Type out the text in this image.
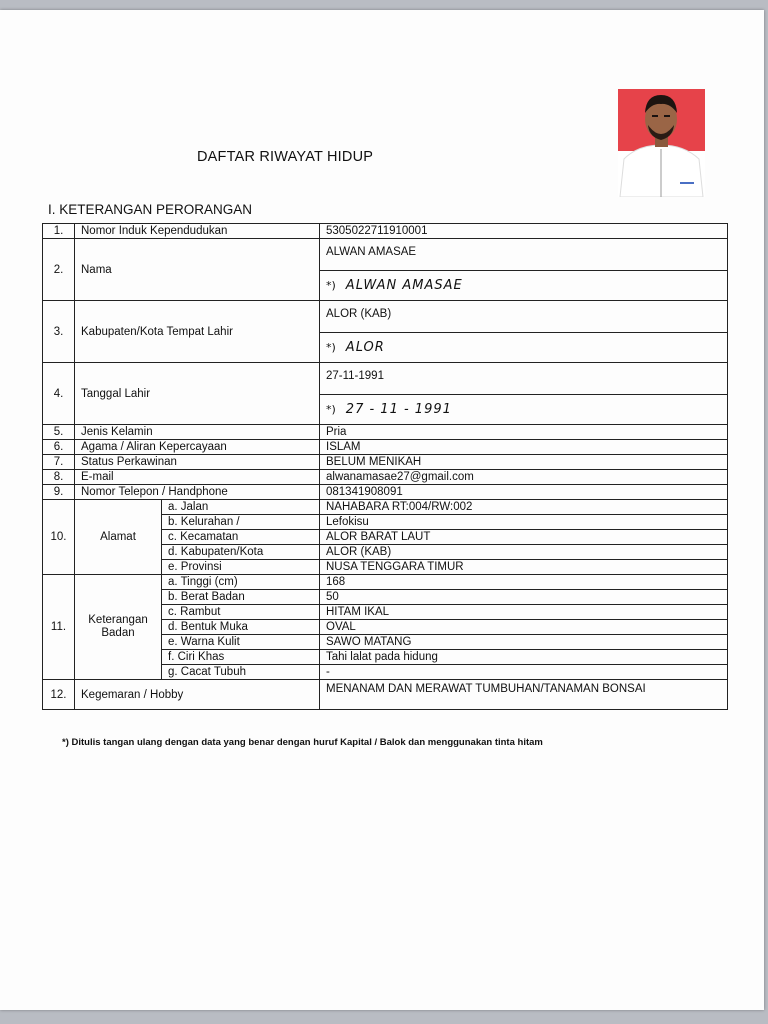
DAFTAR RIWAYAT HIDUP
I. KETERANGAN PERORANGAN
1.	Nomor Induk Kependudukan		5305022711910001
2.	Nama		ALWAN AMASAE
			*) ALWAN AMASAE
3.	Kabupaten/Kota Tempat Lahir		ALOR (KAB)
			*) ALOR
4.	Tanggal Lahir		27-11-1991
			*) 27 - 11 - 1991
5.	Jenis Kelamin		Pria
6.	Agama / Aliran Kepercayaan		ISLAM
7.	Status Perkawinan		BELUM MENIKAH
8.	E-mail		alwanamasae27@gmail.com
9.	Nomor Telepon / Handphone		081341908091
10.	Alamat	a. Jalan	NAHABARA RT:004/RW:002
		b. Kelurahan /	Lefokisu
		c. Kecamatan	ALOR BARAT LAUT
		d. Kabupaten/Kota	ALOR (KAB)
		e. Provinsi	NUSA TENGGARA TIMUR
11.	Keterangan Badan	a. Tinggi (cm)	168
		b. Berat Badan	50
		c. Rambut	HITAM IKAL
		d. Bentuk Muka	OVAL
		e. Warna Kulit	SAWO MATANG
		f. Ciri Khas	Tahi lalat pada hidung
		g. Cacat Tubuh	-
12.	Kegemaran / Hobby		MENANAM DAN MERAWAT TUMBUHAN/TANAMAN BONSAI
*) Ditulis tangan ulang dengan data yang benar dengan huruf Kapital / Balok dan menggunakan tinta hitam
